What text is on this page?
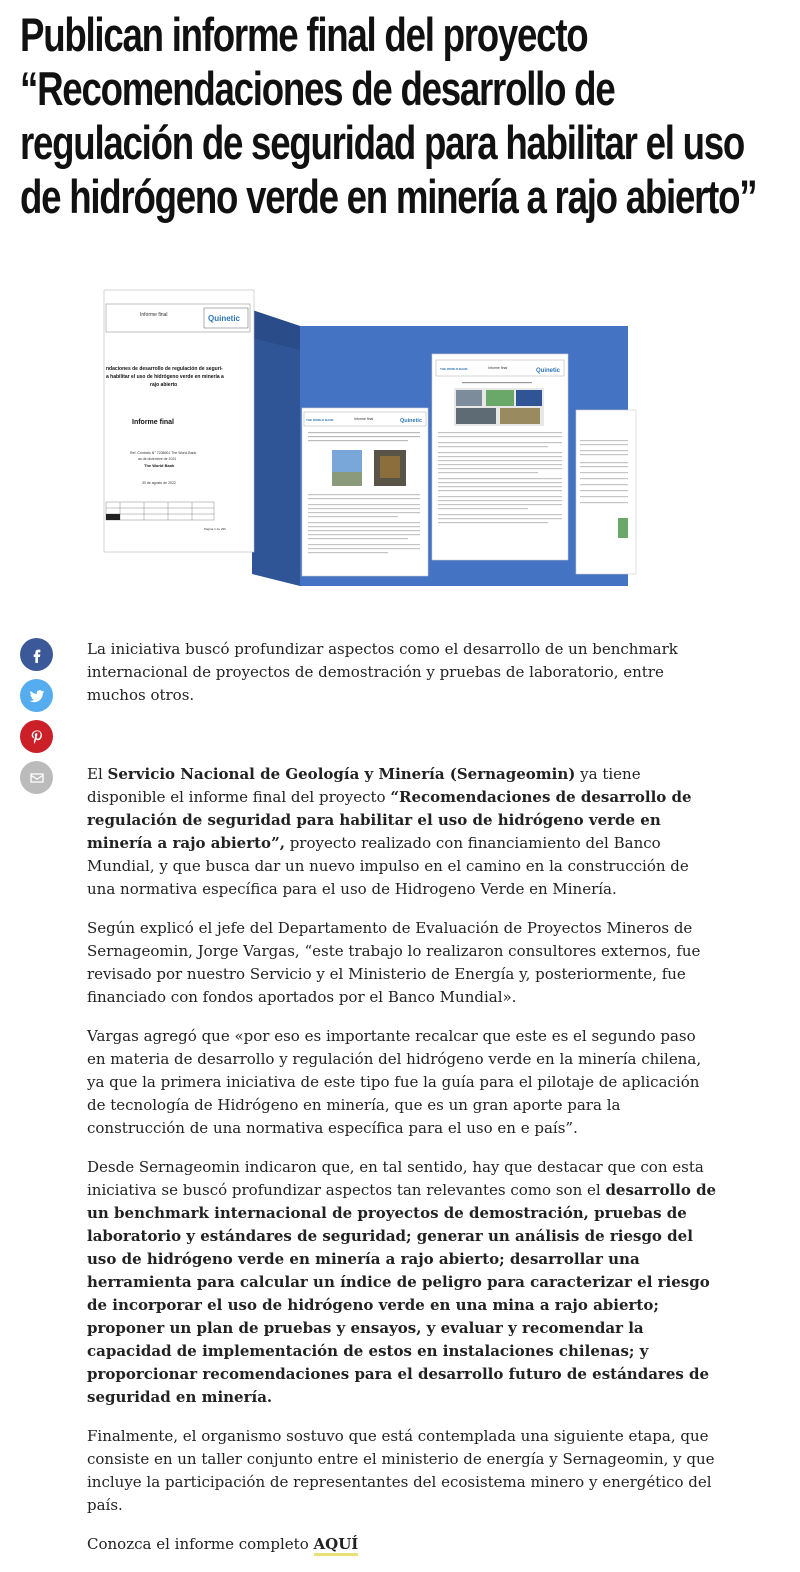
Publican informe final del proyecto “Recomendaciones de desarrollo de regulación de seguridad para habilitar el uso de hidrógeno verde en minería a rajo abierto”
Informe final	Quinetic
ndaciones de desarrollo de regulación de seguri-
a habilitar el uso de hidrógeno verde en minería a
rajo abierto
Informe final
Ref. Contrato N° 7208601 The World Bank
as de diciembre de 2021
The World Bank
30 de agosto de 2022
Página 1 de 296
THE WORLD BANK	Informe final	Quinetic
THE WORLD BANK	Informe final	Quinetic

La iniciativa buscó profundizar aspectos como el desarrollo de un benchmark internacional de proyectos de demostración y pruebas de laboratorio, entre muchos otros.

El Servicio Nacional de Geología y Minería (Sernageomin) ya tiene disponible el informe final del proyecto “Recomendaciones de desarrollo de regulación de seguridad para habilitar el uso de hidrógeno verde en minería a rajo abierto”, proyecto realizado con financiamiento del Banco Mundial, y que busca dar un nuevo impulso en el camino en la construcción de una normativa específica para el uso de Hidrogeno Verde en Minería.

Según explicó el jefe del Departamento de Evaluación de Proyectos Mineros de Sernageomin, Jorge Vargas, “este trabajo lo realizaron consultores externos, fue revisado por nuestro Servicio y el Ministerio de Energía y, posteriormente, fue financiado con fondos aportados por el Banco Mundial».

Vargas agregó que «por eso es importante recalcar que este es el segundo paso en materia de desarrollo y regulación del hidrógeno verde en la minería chilena, ya que la primera iniciativa de este tipo fue la guía para el pilotaje de aplicación de tecnología de Hidrógeno en minería, que es un gran aporte para la construcción de una normativa específica para el uso en e país”.

Desde Sernageomin indicaron que, en tal sentido, hay que destacar que con esta iniciativa se buscó profundizar aspectos tan relevantes como son el desarrollo de un benchmark internacional de proyectos de demostración, pruebas de laboratorio y estándares de seguridad; generar un análisis de riesgo del uso de hidrógeno verde en minería a rajo abierto; desarrollar una herramienta para calcular un índice de peligro para caracterizar el riesgo de incorporar el uso de hidrógeno verde en una mina a rajo abierto; proponer un plan de pruebas y ensayos, y evaluar y recomendar la capacidad de implementación de estos en instalaciones chilenas; y proporcionar recomendaciones para el desarrollo futuro de estándares de seguridad en minería.

Finalmente, el organismo sostuvo que está contemplada una siguiente etapa, que consiste en un taller conjunto entre el ministerio de energía y Sernageomin, y que incluye la participación de representantes del ecosistema minero y energético del país.

Conozca el informe completo AQUÍ
